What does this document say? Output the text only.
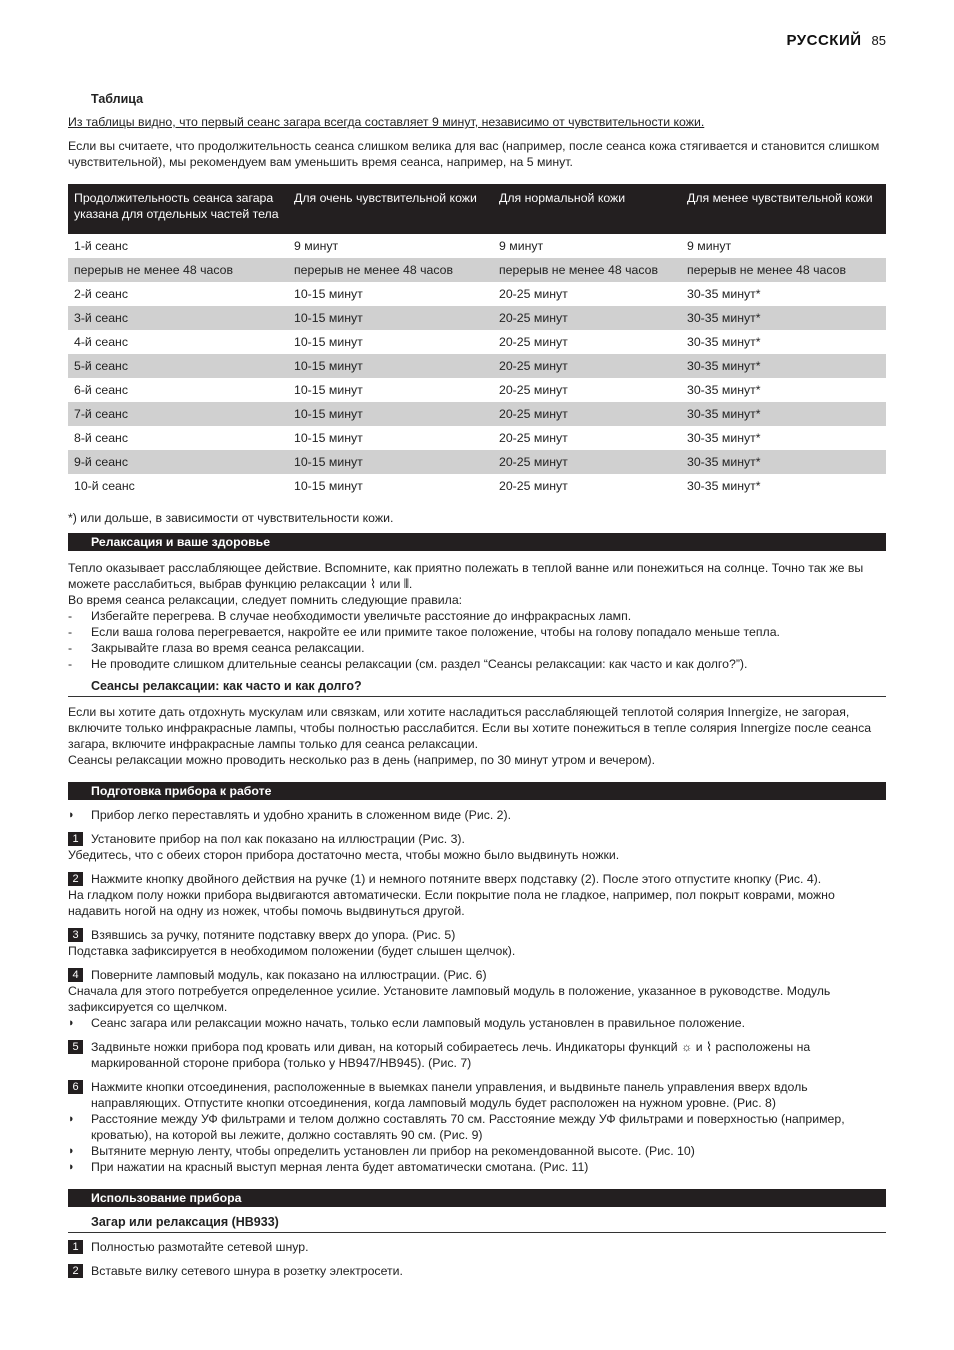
РУССКИЙ 85

Таблица

Из таблицы видно, что первый сеанс загара всегда составляет 9 минут, независимо от чувствительности кожи.

Если вы считаете, что продолжительность сеанса слишком велика для вас (например, после сеанса кожа стягивается и становится слишком чувствительной), мы рекомендуем вам уменьшить время сеанса, например, на 5 минут.

Продолжительность сеанса загара указана для отдельных частей тела	Для очень чувствительной кожи	Для нормальной кожи	Для менее чувствительной кожи
1-й сеанс	9 минут	9 минут	9 минут
перерыв не менее 48 часов	перерыв не менее 48 часов	перерыв не менее 48 часов	перерыв не менее 48 часов
2-й сеанс	10-15 минут	20-25 минут	30-35 минут*
3-й сеанс	10-15 минут	20-25 минут	30-35 минут*
4-й сеанс	10-15 минут	20-25 минут	30-35 минут*
5-й сеанс	10-15 минут	20-25 минут	30-35 минут*
6-й сеанс	10-15 минут	20-25 минут	30-35 минут*
7-й сеанс	10-15 минут	20-25 минут	30-35 минут*
8-й сеанс	10-15 минут	20-25 минут	30-35 минут*
9-й сеанс	10-15 минут	20-25 минут	30-35 минут*
10-й сеанс	10-15 минут	20-25 минут	30-35 минут*

*) или дольше, в зависимости от чувствительности кожи.

Релаксация и ваше здоровье

Тепло оказывает расслабляющее действие. Вспомните, как приятно полежать в теплой ванне или понежиться на солнце. Точно так же вы можете расслабиться, выбрав функцию релаксации ⌇ или ⫴.

Во время сеанса релаксации, следует помнить следующие правила:

- Избегайте перегрева. В случае необходимости увеличьте расстояние до инфракрасных ламп.
- Если ваша голова перегревается, накройте ее или примите такое положение, чтобы на голову попадало меньше тепла.
- Закрывайте глаза во время сеанса релаксации.
- Не проводите слишком длительные сеансы релаксации (см. раздел “Сеансы релаксации: как часто и как долго?”).

Сеансы релаксации: как часто и как долго?

Если вы хотите дать отдохнуть мускулам или связкам, или хотите насладиться расслабляющей теплотой солярия Innergize, не загорая, включите только инфракрасные лампы, чтобы полностью расслабится. Если вы хотите понежиться в тепле солярия Innergize после сеанса загара, включите инфракрасные лампы только для сеанса релаксации.

Сеансы релаксации можно проводить несколько раз в день (например, по 30 минут утром и вечером).

Подготовка прибора к работе
◗ Прибор легко переставлять и удобно хранить в сложенном виде (Рис. 2).
1	Установите прибор на пол как показано на иллюстрации (Рис. 3).

Убедитесь, что с обеих сторон прибора достаточно места, чтобы можно было выдвинуть ножки.

2	Нажмите кнопку двойного действия на ручке (1) и немного потяните вверх подставку (2). После этого отпустите кнопку (Рис. 4).

На гладком полу ножки прибора выдвигаются автоматически. Если покрытие пола не гладкое, например, пол покрыт коврами, можно надавить ногой на одну из ножек, чтобы помочь выдвинуться другой.

3	Взявшись за ручку, потяните подставку вверх до упора. (Рис. 5)

Подставка зафиксируется в необходимом положении (будет слышен щелчок).

4	Поверните ламповый модуль, как показано на иллюстрации. (Рис. 6)

Сначала для этого потребуется определенное усилие. Установите ламповый модуль в положение, указанное в руководстве. Модуль зафиксируется со щелчком.

◗ Сеанс загара или релаксации можно начать, только если ламповый модуль установлен в правильное положение.
5	Задвиньте ножки прибора под кровать или диван, на который собираетесь лечь. Индикаторы функций ☼ и ⌇ расположены на маркированной стороне прибора (только у HB947/HB945). (Рис. 7)
6	Нажмите кнопки отсоединения, расположенные в выемках панели управления, и выдвиньте панель управления вверх вдоль направляющих. Отпустите кнопки отсоединения, когда ламповый модуль будет расположен на нужном уровне. (Рис. 8)
◗ Расстояние между УФ фильтрами и телом должно составлять 70 см. Расстояние между УФ фильтрами и поверхностью (например, кроватью), на которой вы лежите, должно составлять 90 см. (Рис. 9)
◗ Вытяните мерную ленту, чтобы определить установлен ли прибор на рекомендованной высоте. (Рис. 10)
◗ При нажатии на красный выступ мерная лента будет автоматически смотана. (Рис. 11)
Использование прибора

Загар или релаксация (HB933)

1	Полностью размотайте сетевой шнур.
2	Вставьте вилку сетевого шнура в розетку электросети.
